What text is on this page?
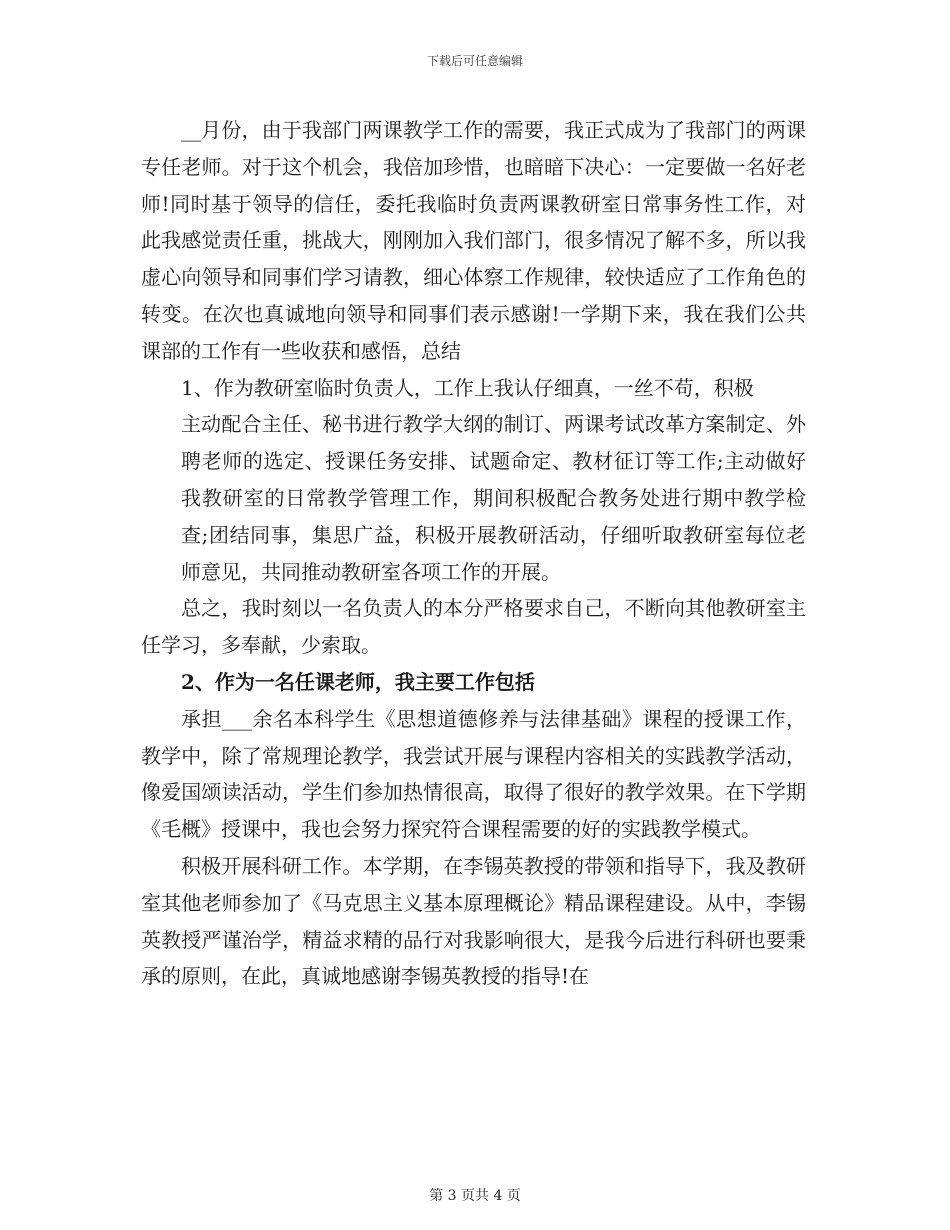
下载后可任意编辑

__月份，由于我部门两课教学工作的需要，我正式成为了我部门的两课专任老师。对于这个机会，我倍加珍惜，也暗暗下决心：一定要做一名好老师!同时基于领导的信任，委托我临时负责两课教研室日常事务性工作，对此我感觉责任重，挑战大，刚刚加入我们部门，很多情况了解不多，所以我虚心向领导和同事们学习请教，细心体察工作规律，较快适应了工作角色的转变。在次也真诚地向领导和同事们表示感谢!一学期下来，我在我们公共课部的工作有一些收获和感悟，总结

1、作为教研室临时负责人，工作上我认仔细真，一丝不苟，积极

主动配合主任、秘书进行教学大纲的制订、两课考试改革方案制定、外聘老师的选定、授课任务安排、试题命定、教材征订等工作;主动做好我教研室的日常教学管理工作，期间积极配合教务处进行期中教学检查;团结同事，集思广益，积极开展教研活动，仔细听取教研室每位老师意见，共同推动教研室各项工作的开展。

总之，我时刻以一名负责人的本分严格要求自己，不断向其他教研室主任学习，多奉献，少索取。

2、作为一名任课老师，我主要工作包括

承担___余名本科学生《思想道德修养与法律基础》课程的授课工作，教学中，除了常规理论教学，我尝试开展与课程内容相关的实践教学活动，像爱国颂读活动，学生们参加热情很高，取得了很好的教学效果。在下学期《毛概》授课中，我也会努力探究符合课程需要的好的实践教学模式。

积极开展科研工作。本学期，在李锡英教授的带领和指导下，我及教研室其他老师参加了《马克思主义基本原理概论》精品课程建设。从中，李锡英教授严谨治学，精益求精的品行对我影响很大，是我今后进行科研也要秉承的原则，在此，真诚地感谢李锡英教授的指导!在

第 3 页共 4 页
